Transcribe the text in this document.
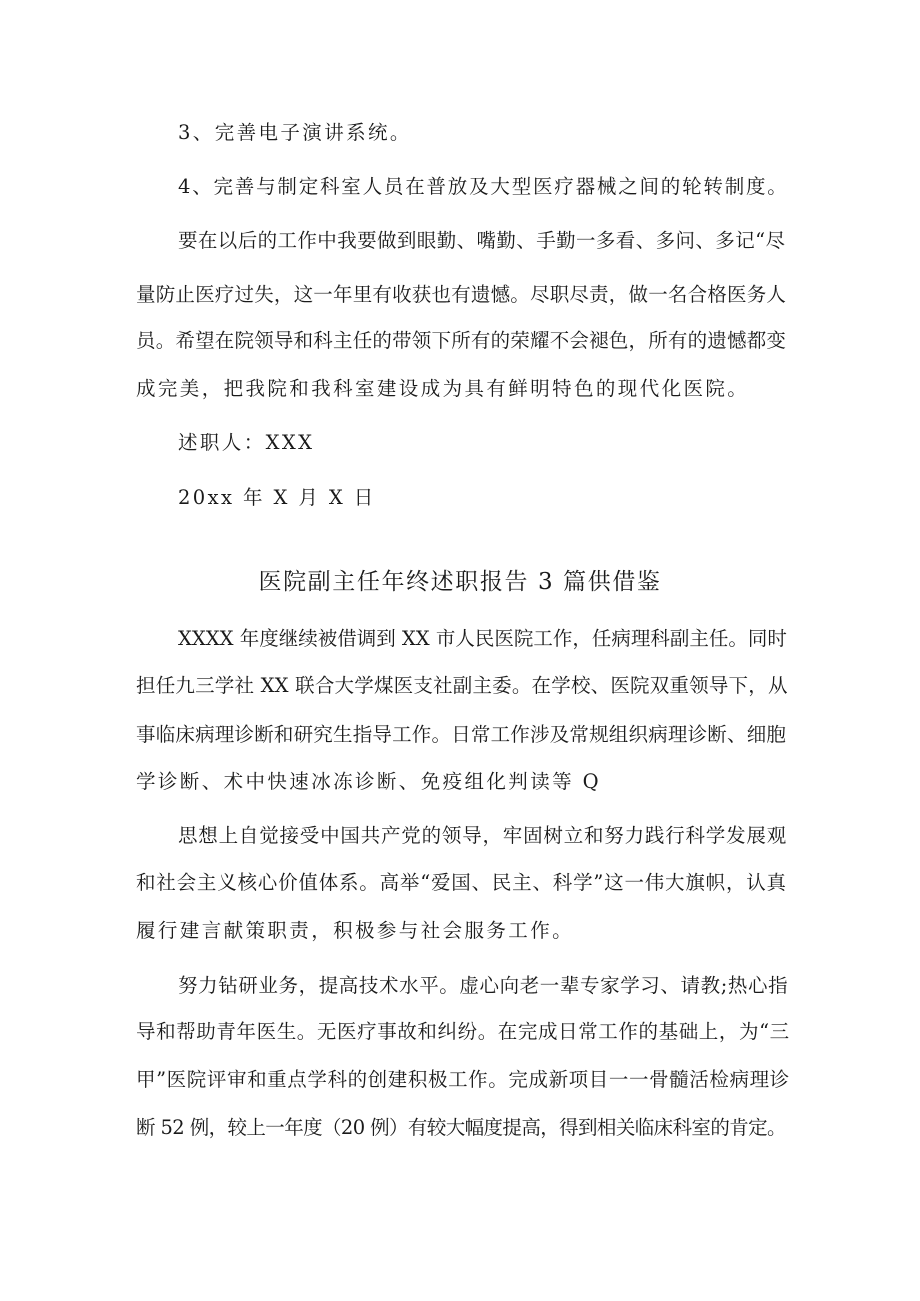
3、完善电子演讲系统。
4、完善与制定科室人员在普放及大型医疗器械之间的轮转制度。
要在以后的工作中我要做到眼勤、嘴勤、手勤一多看、多问、多记“尽
量防止医疗过失，这一年里有收获也有遗憾。尽职尽责，做一名合格医务人
员。希望在院领导和科主任的带领下所有的荣耀不会褪色，所有的遗憾都变
成完美，把我院和我科室建设成为具有鲜明特色的现代化医院。
述职人：XXX
20xx 年 X 月 X 日
医院副主任年终述职报告 3 篇供借鉴
XXXX 年度继续被借调到 XX 市人民医院工作，任病理科副主任。同时
担任九三学社 XX 联合大学煤医支社副主委。在学校、医院双重领导下，从
事临床病理诊断和研究生指导工作。日常工作涉及常规组织病理诊断、细胞
学诊断、术中快速冰冻诊断、免疫组化判读等 Q
思想上自觉接受中国共产党的领导，牢固树立和努力践行科学发展观
和社会主义核心价值体系。高举“爱国、民主、科学”这一伟大旗帜，认真
履行建言献策职责，积极参与社会服务工作。
努力钻研业务，提高技术水平。虚心向老一辈专家学习、请教;热心指
导和帮助青年医生。无医疗事故和纠纷。在完成日常工作的基础上，为“三
甲”医院评审和重点学科的创建积极工作。完成新项目一一骨髓活检病理诊
断 52 例，较上一年度（20 例）有较大幅度提高，得到相关临床科室的肯定。
